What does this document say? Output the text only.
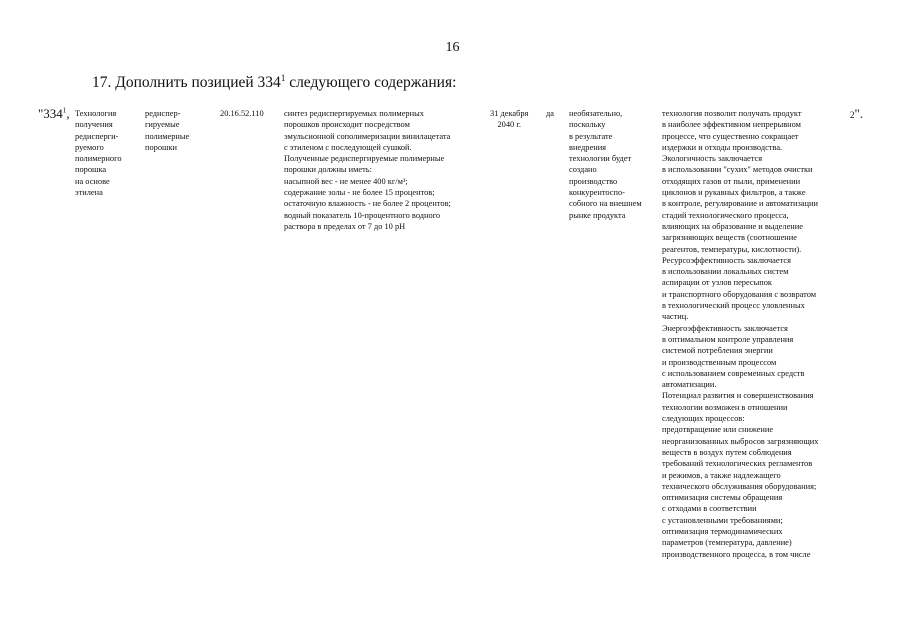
16
17. Дополнить позицией $334^1$ следующего содержания:
"$334^1$, Технология
получения
редисперги-
руемого
полимерного
порошка
на основе
этилена
редиспер-
гируемые
полимерные
порошки
20.16.52.110 синтез редиспергируемых полимерных
порошков происходит посредством
эмульсионной сополимеризации винилацетата
с этиленом с последующей сушкой.
Полученные редиспергируемые полимерные
порошки должны иметь:
насыпной вес - не менее 400 кг/м³;
содержание золы - не более 15 процентов;
остаточную влажность - не более 2 процентов;
водный показатель 10-процентного водного
раствора в пределах от 7 до 10 pH
31 декабря
2040 г.
да необязательно,
поскольку
в результате
внедрения
технологии будет
создано
производство
конкурентоспо-
собного на внешнем
рынке продукта
технология позволит получать продукт
в наиболее эффективном непрерывном
процессе, что существенно сокращает
издержки и отходы производства.
Экологичность заключается
в использовании "сухих" методов очистки
отходящих газов от пыли, применении
циклонов и рукавных фильтров, а также
в контроле, регулирование и автоматизации
стадий технологического процесса,
влияющих на образование и выделение
загрязняющих веществ (соотношение
реагентов, температуры, кислотности).
Ресурсоэффективность заключается
в использовании локальных систем
аспирации от узлов пересыпок
и транспортного оборудования с возвратом
в технологический процесс уловленных
частиц.
Энергоэффективность заключается
в оптимальном контроле управления
системой потребления энергии
и производственным процессом
с использованием современных средств
автоматизации.
Потенциал развития и совершенствования
технологии возможен в отношении
следующих процессов:
предотвращение или снижение
неорганизованных выбросов загрязняющих
веществ в воздух путем соблюдения
требований технологических регламентов
и режимов, а также надлежащего
технического обслуживания оборудования;
оптимизация системы обращения
с отходами в соответствии
с установленными требованиями;
оптимизация термодинамических
параметров (температура, давление)
производственного процесса, в том числе
2".
